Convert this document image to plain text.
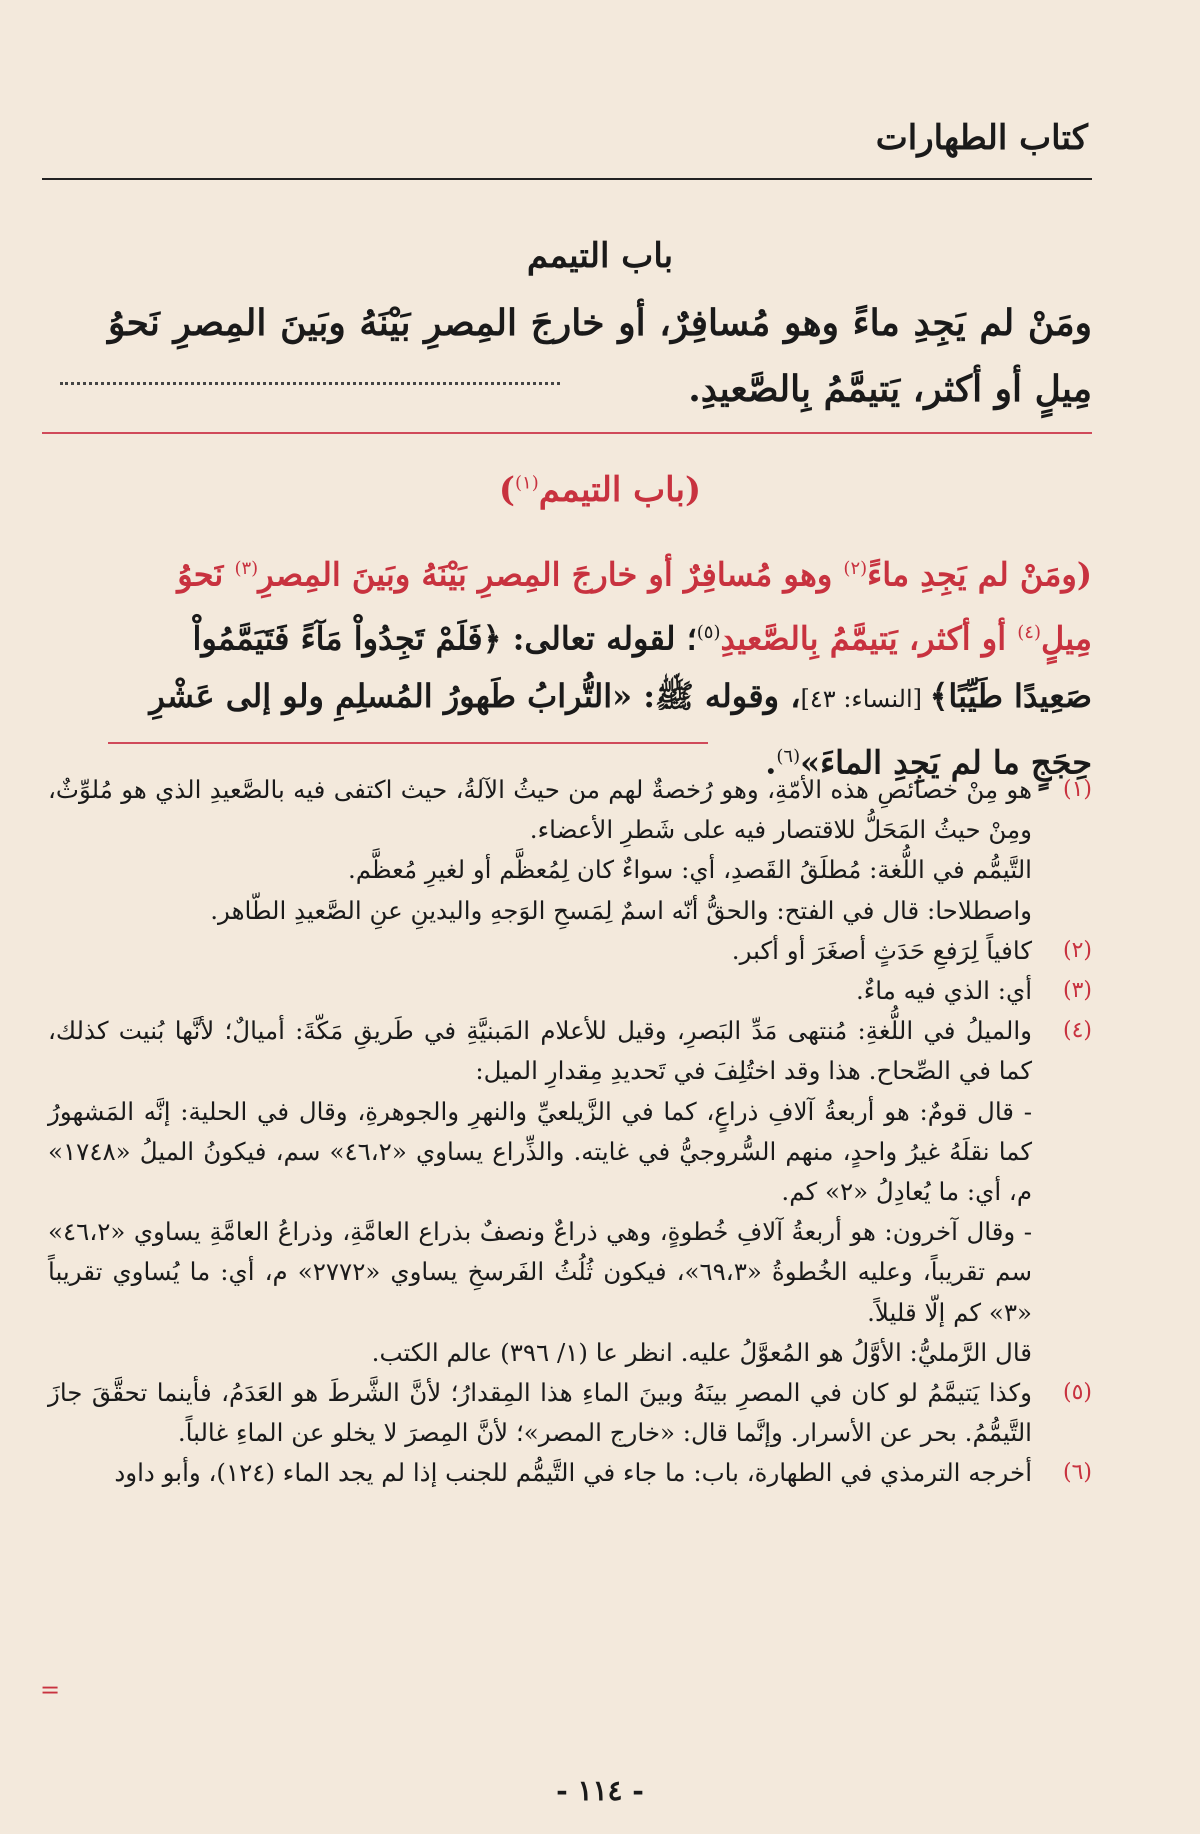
كتاب الطهارات
باب التيمم
ومَنْ لم يَجِدِ ماءً وهو مُسافِرٌ، أو خارجَ المِصرِ بَيْنَهُ وبَينَ المِصرِ نَحوُ مِيلٍ أو أكثر، يَتيمَّمُ بِالصَّعيدِ.
(باب التيمم$^{(١)}$)
(ومَنْ لم يَجِدِ ماءً$^{(٢)}$ وهو مُسافِرٌ أو خارجَ المِصرِ بَيْنَهُ وبَينَ المِصرِ$^{(٣)}$ نَحوُ مِيلٍ$^{(٤)}$ أو أكثر، يَتيمَّمُ بِالصَّعيدِ$^{(٥)}$؛ لقوله تعالى: ﴿فَلَمْ تَجِدُواْ مَآءً فَتَيَمَّمُواْ صَعِيدًا طَيِّبًا﴾ [النساء: ٤٣]، وقوله ﷺ: «التُّرابُ طَهورُ المُسلِمِ ولو إلى عَشْرِ حِجَجٍ ما لم يَجِدِ الماءَ»$^{(٦)}$.
(١)

هو مِنْ خصائصِ هذه الأمّةِ، وهو رُخصةٌ لهم من حيثُ الآلةُ، حيث اكتفى فيه بالصَّعيدِ الذي هو مُلوِّثٌ، ومِنْ حيثُ المَحَلُّ للاقتصار فيه على شَطرِ الأعضاء.

التَّيمُّم في اللُّغة: مُطلَقُ القَصدِ، أي: سواءٌ كان لِمُعظَّم أو لغيرِ مُعظَّم.

واصطلاحا: قال في الفتح: والحقُّ أنّه اسمٌ لِمَسحِ الوَجهِ واليدينِ عنِ الصَّعيدِ الطّاهر.

(٢)

كافياً لِرَفعِ حَدَثٍ أصغَرَ أو أكبر.

(٣)

أي: الذي فيه ماءٌ.

(٤)

والميلُ في اللُّغةِ: مُنتهى مَدِّ البَصرِ، وقيل للأعلام المَبنيَّةِ في طَريقِ مَكّةَ: أميالٌ؛ لأنَّها بُنيت كذلك، كما في الصِّحاح. هذا وقد اختُلِفَ في تَحديدِ مِقدارِ الميل:

- قال قومٌ: هو أربعةُ آلافِ ذراعٍ، كما في الزَّيلعيِّ والنهرِ والجوهرةِ، وقال في الحلية: إنَّه المَشهورُ كما نقلَهُ غيرُ واحدٍ، منهم السُّروجيُّ في غايته. والذِّراع يساوي «٤٦،٢» سم، فيكونُ الميلُ «١٧٤٨» م، أي: ما يُعادِلُ «٢» كم.

- وقال آخرون: هو أربعةُ آلافِ خُطوةٍ، وهي ذراعٌ ونصفٌ بذراع العامَّةِ، وذراعُ العامَّةِ يساوي «٤٦،٢» سم تقريباً، وعليه الخُطوةُ «٦٩،٣»، فيكون ثُلُثُ الفَرسخِ يساوي «٢٧٧٢» م، أي: ما يُساوي تقريباً «٣» كم إلّا قليلاً.

قال الرَّمليُّ: الأوَّلُ هو المُعوَّلُ عليه. انظر عا (١/ ٣٩٦) عالم الكتب.

(٥)

وكذا يَتيمَّمُ لو كان في المصرِ بينَهُ وبينَ الماءِ هذا المِقدارُ؛ لأنَّ الشَّرطَ هو العَدَمُ، فأينما تحقَّقَ جازَ التَّيمُّمُ. بحر عن الأسرار. وإنَّما قال: «خارج المصر»؛ لأنَّ المِصرَ لا يخلو عن الماءِ غالباً.

(٦)

أخرجه الترمذي في الطهارة، باب: ما جاء في التَّيمُّم للجنب إذا لم يجد الماء (١٢٤)، وأبو داود

=
- ١١٤ -
